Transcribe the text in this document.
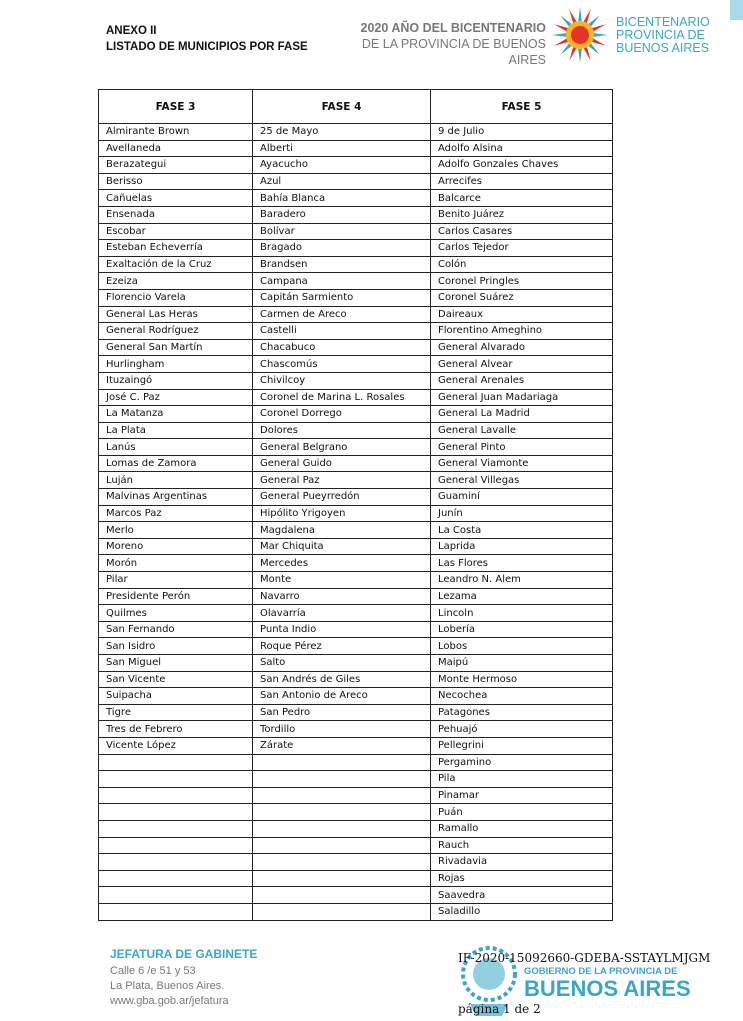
ANEXO II
LISTADO DE MUNICIPIOS POR FASE
2020 AÑO DEL BICENTENARIO
DE LA PROVINCIA DE BUENOS AIRES
BICENTENARIO
PROVINCIA DE
BUENOS AIRES
FASE 3	FASE 4	FASE 5
Almirante Brown	25 de Mayo	9 de Julio
Avellaneda	Alberti	Adolfo Alsina
Berazategui	Ayacucho	Adolfo Gonzales Chaves
Berisso	Azul	Arrecifes
Cañuelas	Bahía Blanca	Balcarce
Ensenada	Baradero	Benito Juárez
Escobar	Bolívar	Carlos Casares
Esteban Echeverría	Bragado	Carlos Tejedor
Exaltación de la Cruz	Brandsen	Colón
Ezeiza	Campana	Coronel Pringles
Florencio Varela	Capitán Sarmiento	Coronel Suárez
General Las Heras	Carmen de Areco	Daireaux
General Rodríguez	Castelli	Florentino Ameghino
General San Martín	Chacabuco	General Alvarado
Hurlingham	Chascomús	General Alvear
Ituzaingó	Chivilcoy	General Arenales
José C. Paz	Coronel de Marina L. Rosales	General Juan Madariaga
La Matanza	Coronel Dorrego	General La Madrid
La Plata	Dolores	General Lavalle
Lanús	General Belgrano	General Pinto
Lomas de Zamora	General Guido	General Viamonte
Luján	General Paz	General Villegas
Malvinas Argentinas	General Pueyrredón	Guaminí
Marcos Paz	Hipólito Yrigoyen	Junín
Merlo	Magdalena	La Costa
Moreno	Mar Chiquita	Laprida
Morón	Mercedes	Las Flores
Pilar	Monte	Leandro N. Alem
Presidente Perón	Navarro	Lezama
Quilmes	Olavarría	Lincoln
San Fernando	Punta Indio	Lobería
San Isidro	Roque Pérez	Lobos
San Miguel	Salto	Maipú
San Vicente	San Andrés de Giles	Monte Hermoso
Suipacha	San Antonio de Areco	Necochea
Tigre	San Pedro	Patagones
Tres de Febrero	Tordillo	Pehuajó
Vicente López	Zárate	Pellegrini
		Pergamino
		Pila
		Pinamar
		Puán
		Ramallo
		Rauch
		Rivadavia
		Rojas
		Saavedra
		Saladillo
JEFATURA DE GABINETE
Calle 6 /e 51 y 53
La Plata, Buenos Aires.
www.gba.gob.ar/jefatura
GOBIERNO DE LA PROVINCIA DE
BUENOS AIRES
IF-2020-15092660-GDEBA-SSTAYLMJGM
página 1 de 2
